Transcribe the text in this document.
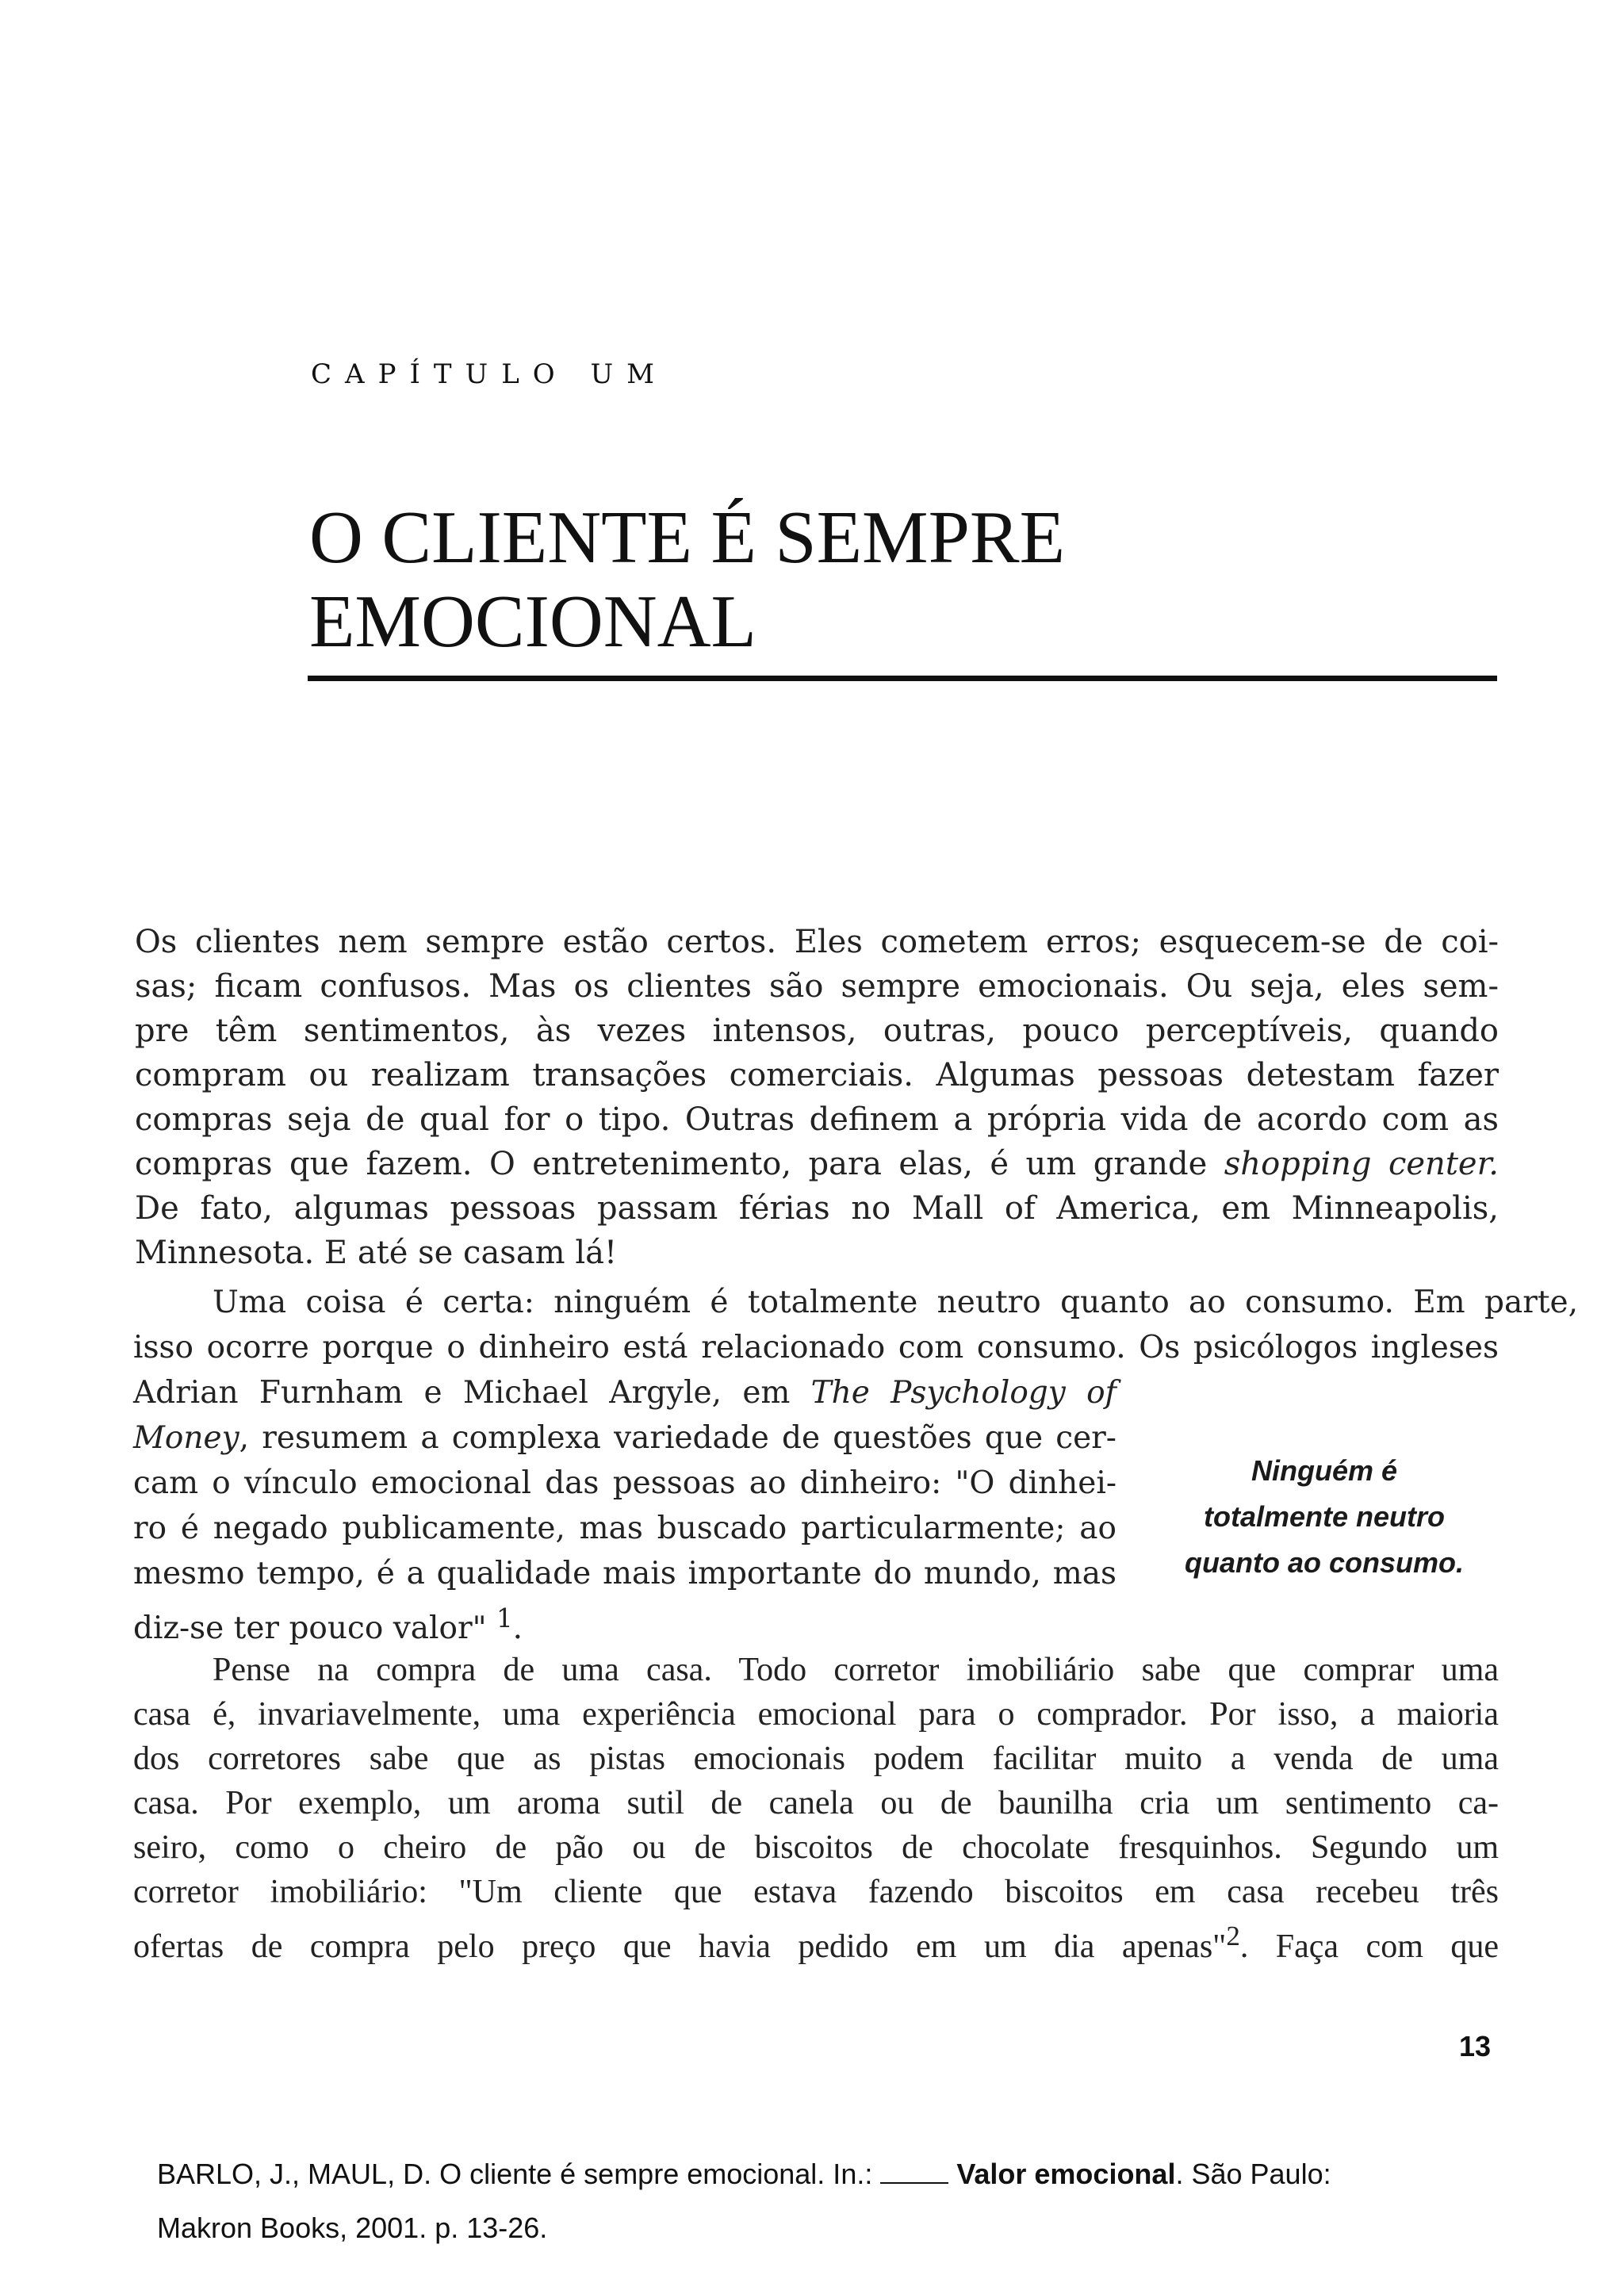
CAPÍTULO UM
O CLIENTE É SEMPRE
EMOCIONAL
Os clientes nem sempre estão certos. Eles cometem erros; esquecem-se de coi-
sas; ficam confusos. Mas os clientes são sempre emocionais. Ou seja, eles sem-
pre têm sentimentos, às vezes intensos, outras, pouco perceptíveis, quando
compram ou realizam transações comerciais. Algumas pessoas detestam fazer
compras seja de qual for o tipo. Outras definem a própria vida de acordo com as
compras que fazem. O entretenimento, para elas, é um grande shopping center.
De fato, algumas pessoas passam férias no Mall of America, em Minneapolis,
Minnesota. E até se casam lá!
Uma coisa é certa: ninguém é totalmente neutro quanto ao consumo. Em parte,
isso ocorre porque o dinheiro está relacionado com consumo. Os psicólogos ingleses
Adrian Furnham e Michael Argyle, em The Psychology of
Money, resumem a complexa variedade de questões que cer-
cam o vínculo emocional das pessoas ao dinheiro: "O dinhei-
ro é negado publicamente, mas buscado particularmente; ao
mesmo tempo, é a qualidade mais importante do mundo, mas
diz-se ter pouco valor" $^1$.
Ninguém é
totalmente neutro
quanto ao consumo.
Pense na compra de uma casa. Todo corretor imobiliário sabe que comprar uma
casa é, invariavelmente, uma experiência emocional para o comprador. Por isso, a maioria
dos corretores sabe que as pistas emocionais podem facilitar muito a venda de uma
casa. Por exemplo, um aroma sutil de canela ou de baunilha cria um sentimento ca-
seiro, como o cheiro de pão ou de biscoitos de chocolate fresquinhos. Segundo um
corretor imobiliário: "Um cliente que estava fazendo biscoitos em casa recebeu três
ofertas de compra pelo preço que havia pedido em um dia apenas"$^2$. Faça com que
13
BARLO, J., MAUL, D. O cliente é sempre emocional. In.:	Valor emocional. São Paulo:
Makron Books, 2001. p. 13-26.
